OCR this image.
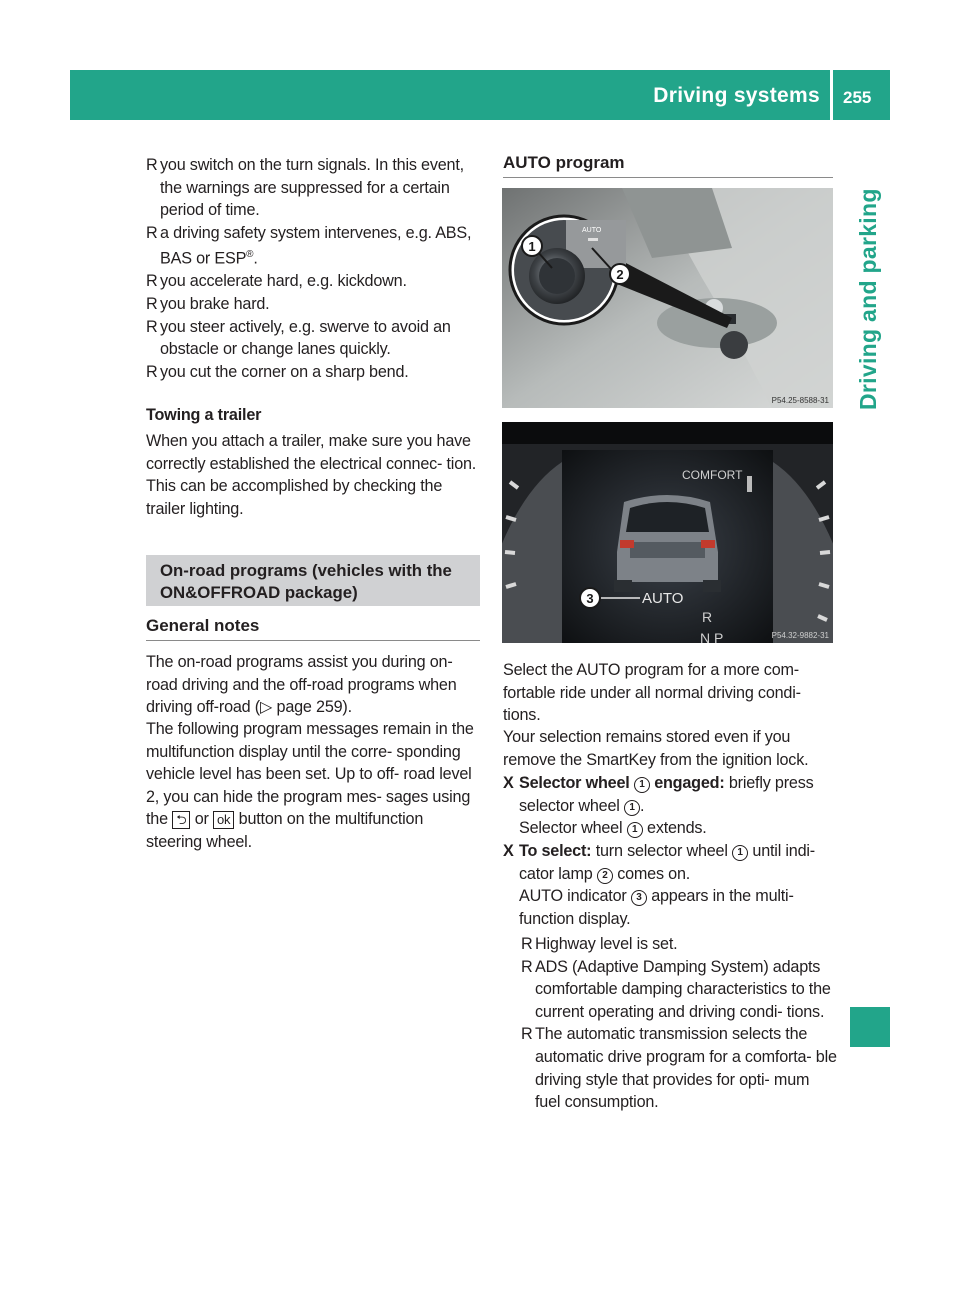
Driving systems 255
Driving and parking
R you switch on the turn signals. In this event, the warnings are suppressed for a certain period of time.
R a driving safety system intervenes, e.g. ABS, BAS or ESP®.
R you accelerate hard, e.g. kickdown.
R you brake hard.
R you steer actively, e.g. swerve to avoid an obstacle or change lanes quickly.
R you cut the corner on a sharp bend.
Towing a trailer
When you attach a trailer, make sure you have correctly established the electrical connec- tion. This can be accomplished by checking the trailer lighting.
On-road programs (vehicles with the ON&OFFROAD package)
General notes
The on-road programs assist you during on- road driving and the off-road programs when driving off-road (▷ page 259).
The following program messages remain in the multifunction display until the corre- sponding vehicle level has been set. Up to off- road level 2, you can hide the program mes- sages using the ⮌ or ok button on the multifunction steering wheel.
AUTO program
AUTO
1
2
P54.25-8588-31
COMFORT
AUTO
3
R
N P	P54.32-9882-31
Select the AUTO program for a more com- fortable ride under all normal driving condi- tions.
Your selection remains stored even if you remove the SmartKey from the ignition lock.
X Selector wheel 1 engaged: briefly press selector wheel 1 .
Selector wheel 1 extends.
X To select: turn selector wheel 1 until indi- cator lamp 2 comes on.
AUTO indicator 3 appears in the multi- function display.
R Highway level is set.
R ADS (Adaptive Damping System) adapts comfortable damping characteristics to the current operating and driving condi- tions.
R The automatic transmission selects the automatic drive program for a comforta- ble driving style that provides for opti- mum fuel consumption.
